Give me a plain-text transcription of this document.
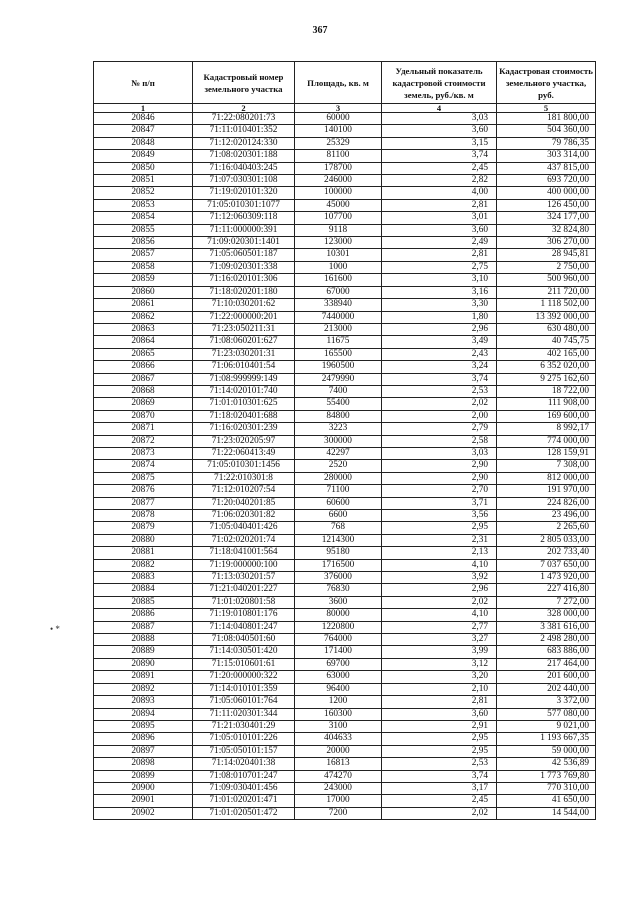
367
• *
№ п/п	Кадастровый номер земельного участка	Площадь, кв. м	Удельный показатель кадастровой стоимости земель, руб./кв. м	Кадастровая стоимость земельного участка, руб.
1	2	3	4	5
20846	71:22:080201:73	60000	3,03	181 800,00
20847	71:11:010401:352	140100	3,60	504 360,00
20848	71:12:020124:330	25329	3,15	79 786,35
20849	71:08:020301:188	81100	3,74	303 314,00
20850	71:16:040403:245	178700	2,45	437 815,00
20851	71:07:030301:108	246000	2,82	693 720,00
20852	71:19:020101:320	100000	4,00	400 000,00
20853	71:05:010301:1077	45000	2,81	126 450,00
20854	71:12:060309:118	107700	3,01	324 177,00
20855	71:11:000000:391	9118	3,60	32 824,80
20856	71:09:020301:1401	123000	2,49	306 270,00
20857	71:05:060501:187	10301	2,81	28 945,81
20858	71:09:020301:338	1000	2,75	2 750,00
20859	71:16:020101:306	161600	3,10	500 960,00
20860	71:18:020201:180	67000	3,16	211 720,00
20861	71:10:030201:62	338940	3,30	1 118 502,00
20862	71:22:000000:201	7440000	1,80	13 392 000,00
20863	71:23:050211:31	213000	2,96	630 480,00
20864	71:08:060201:627	11675	3,49	40 745,75
20865	71:23:030201:31	165500	2,43	402 165,00
20866	71:06:010401:54	1960500	3,24	6 352 020,00
20867	71:08:999999:149	2479990	3,74	9 275 162,60
20868	71:14:020101:740	7400	2,53	18 722,00
20869	71:01:010301:625	55400	2,02	111 908,00
20870	71:18:020401:688	84800	2,00	169 600,00
20871	71:16:020301:239	3223	2,79	8 992,17
20872	71:23:020205:97	300000	2,58	774 000,00
20873	71:22:060413:49	42297	3,03	128 159,91
20874	71:05:010301:1456	2520	2,90	7 308,00
20875	71:22:010301:8	280000	2,90	812 000,00
20876	71:12:010207:54	71100	2,70	191 970,00
20877	71:20:040201:85	60600	3,71	224 826,00
20878	71:06:020301:82	6600	3,56	23 496,00
20879	71:05:040401:426	768	2,95	2 265,60
20880	71:02:020201:74	1214300	2,31	2 805 033,00
20881	71:18:041001:564	95180	2,13	202 733,40
20882	71:19:000000:100	1716500	4,10	7 037 650,00
20883	71:13:030201:57	376000	3,92	1 473 920,00
20884	71:21:040201:227	76830	2,96	227 416,80
20885	71:01:020801:58	3600	2,02	7 272,00
20886	71:19:010801:176	80000	4,10	328 000,00
20887	71:14:040801:247	1220800	2,77	3 381 616,00
20888	71:08:040501:60	764000	3,27	2 498 280,00
20889	71:14:030501:420	171400	3,99	683 886,00
20890	71:15:010601:61	69700	3,12	217 464,00
20891	71:20:000000:322	63000	3,20	201 600,00
20892	71:14:010101:359	96400	2,10	202 440,00
20893	71:05:060101:764	1200	2,81	3 372,00
20894	71:11:020301:344	160300	3,60	577 080,00
20895	71:21:030401:29	3100	2,91	9 021,00
20896	71:05:010101:226	404633	2,95	1 193 667,35
20897	71:05:050101:157	20000	2,95	59 000,00
20898	71:14:020401:38	16813	2,53	42 536,89
20899	71:08:010701:247	474270	3,74	1 773 769,80
20900	71:09:030401:456	243000	3,17	770 310,00
20901	71:01:020201:471	17000	2,45	41 650,00
20902	71:01:020501:472	7200	2,02	14 544,00
